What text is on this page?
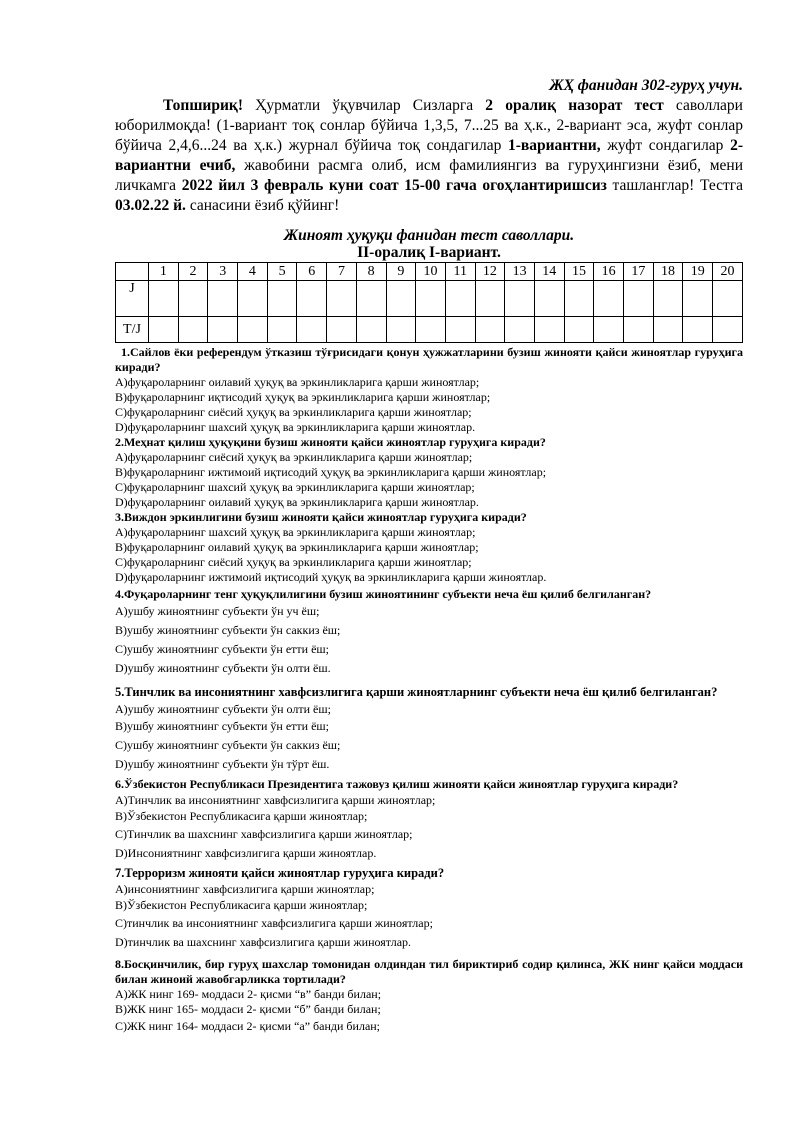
ЖҲ фанидан 302-гуруҳ учун.
Топшириқ! Ҳурматли ўқувчилар Сизларга 2 оралиқ назорат тест саволлари юборилмоқда! (1-вариант тоқ сонлар бўйича 1,3,5, 7...25 ва ҳ.к., 2-вариант эса, жуфт сонлар бўйича 2,4,6...24 ва ҳ.к.) журнал бўйича тоқ сондагилар 1-вариантни, жуфт сондагилар 2-вариантни ечиб, жавобини расмга олиб, исм фамилиянгиз ва гуруҳингизни ёзиб, мени личкамга 2022 йил 3 февраль куни соат 15-00 гача огоҳлантиришсиз ташланглар! Тестга 03.02.22 й. санасини ёзиб қўйинг!
Жиноят ҳуқуқи фанидан тест саволлари.
II-оралиқ I-вариант.
	1	2	3	4	5	6	7	8	9	10	11	12	13	14	15	16	17	18	19	20
J																				
T/J																				

1.Сайлов ёки референдум ўтказиш тўғрисидаги қонун ҳужжатларини бузиш жинояти қайси жиноятлар гуруҳига киради?

A)фуқароларнинг оилавий ҳуқуқ ва эркинликларига қарши жиноятлар;

B)фуқароларнинг иқтисодий ҳуқуқ ва эркинликларига қарши жиноятлар;

C)фуқароларнинг сиёсий ҳуқуқ ва эркинликларига қарши жиноятлар;

D)фуқароларнинг шахсий ҳуқуқ ва эркинликларига қарши жиноятлар.

2.Меҳнат қилиш ҳуқуқини бузиш жинояти қайси жиноятлар гуруҳига киради?

A)фуқароларнинг сиёсий ҳуқуқ ва эркинликларига қарши жиноятлар;

B)фуқароларнинг ижтимоий иқтисодий ҳуқуқ ва эркинликларига қарши жиноятлар;

C)фуқароларнинг шахсий ҳуқуқ ва эркинликларига қарши жиноятлар;

D)фуқароларнинг оилавий ҳуқуқ ва эркинликларига қарши жиноятлар.

3.Виждон эркинлигини бузиш жинояти қайси жиноятлар гуруҳига киради?

A)фуқароларнинг шахсий ҳуқуқ ва эркинликларига қарши жиноятлар;

B)фуқароларнинг оилавий ҳуқуқ ва эркинликларига қарши жиноятлар;

C)фуқароларнинг сиёсий ҳуқуқ ва эркинликларига қарши жиноятлар;

D)фуқароларнинг ижтимоий иқтисодий ҳуқуқ ва эркинликларига қарши жиноятлар.

4.Фуқароларнинг тенг ҳуқуқлилигини бузиш жиноятининг субъекти неча ёш қилиб белгиланган?

A)ушбу жиноятнинг субъекти ўн уч ёш;

B)ушбу жиноятнинг субъекти ўн саккиз ёш;

C)ушбу жиноятнинг субъекти ўн етти ёш;

D)ушбу жиноятнинг субъекти ўн олти ёш.

5.Тинчлик ва инсониятнинг хавфсизлигига қарши жиноятларнинг субъекти неча ёш қилиб белгиланган?

A)ушбу жиноятнинг субъекти ўн олти ёш;

B)ушбу жиноятнинг субъекти ўн етти ёш;

C)ушбу жиноятнинг субъекти ўн саккиз ёш;

D)ушбу жиноятнинг субъекти ўн тўрт ёш.

6.Ўзбекистон Республикаси Президентига тажовуз қилиш жинояти қайси жиноятлар гуруҳига киради?

A)Тинчлик ва инсониятнинг хавфсизлигига қарши жиноятлар;

B)Ўзбекистон Республикасига қарши жиноятлар;

C)Тинчлик ва шахснинг хавфсизлигига қарши жиноятлар;

D)Инсониятнинг хавфсизлигига қарши жиноятлар.

7.Терроризм жинояти қайси жиноятлар гуруҳига киради?

A)инсониятнинг хавфсизлигига қарши жиноятлар;

B)Ўзбекистон Республикасига қарши жиноятлар;

C)тинчлик ва инсониятнинг хавфсизлигига қарши жиноятлар;

D)тинчлик ва шахснинг хавфсизлигига қарши жиноятлар.

8.Босқинчилик, бир гуруҳ шахслар томонидан олдиндан тил бириктириб содир қилинса, ЖК нинг қайси моддаси билан жиноий жавобгарликка тортилади?

A)ЖК нинг 169- моддаси 2- қисми “в” банди билан;

B)ЖК нинг 165- моддаси 2- қисми “б” банди билан;

C)ЖК нинг 164- моддаси 2- қисми “а” банди билан;
